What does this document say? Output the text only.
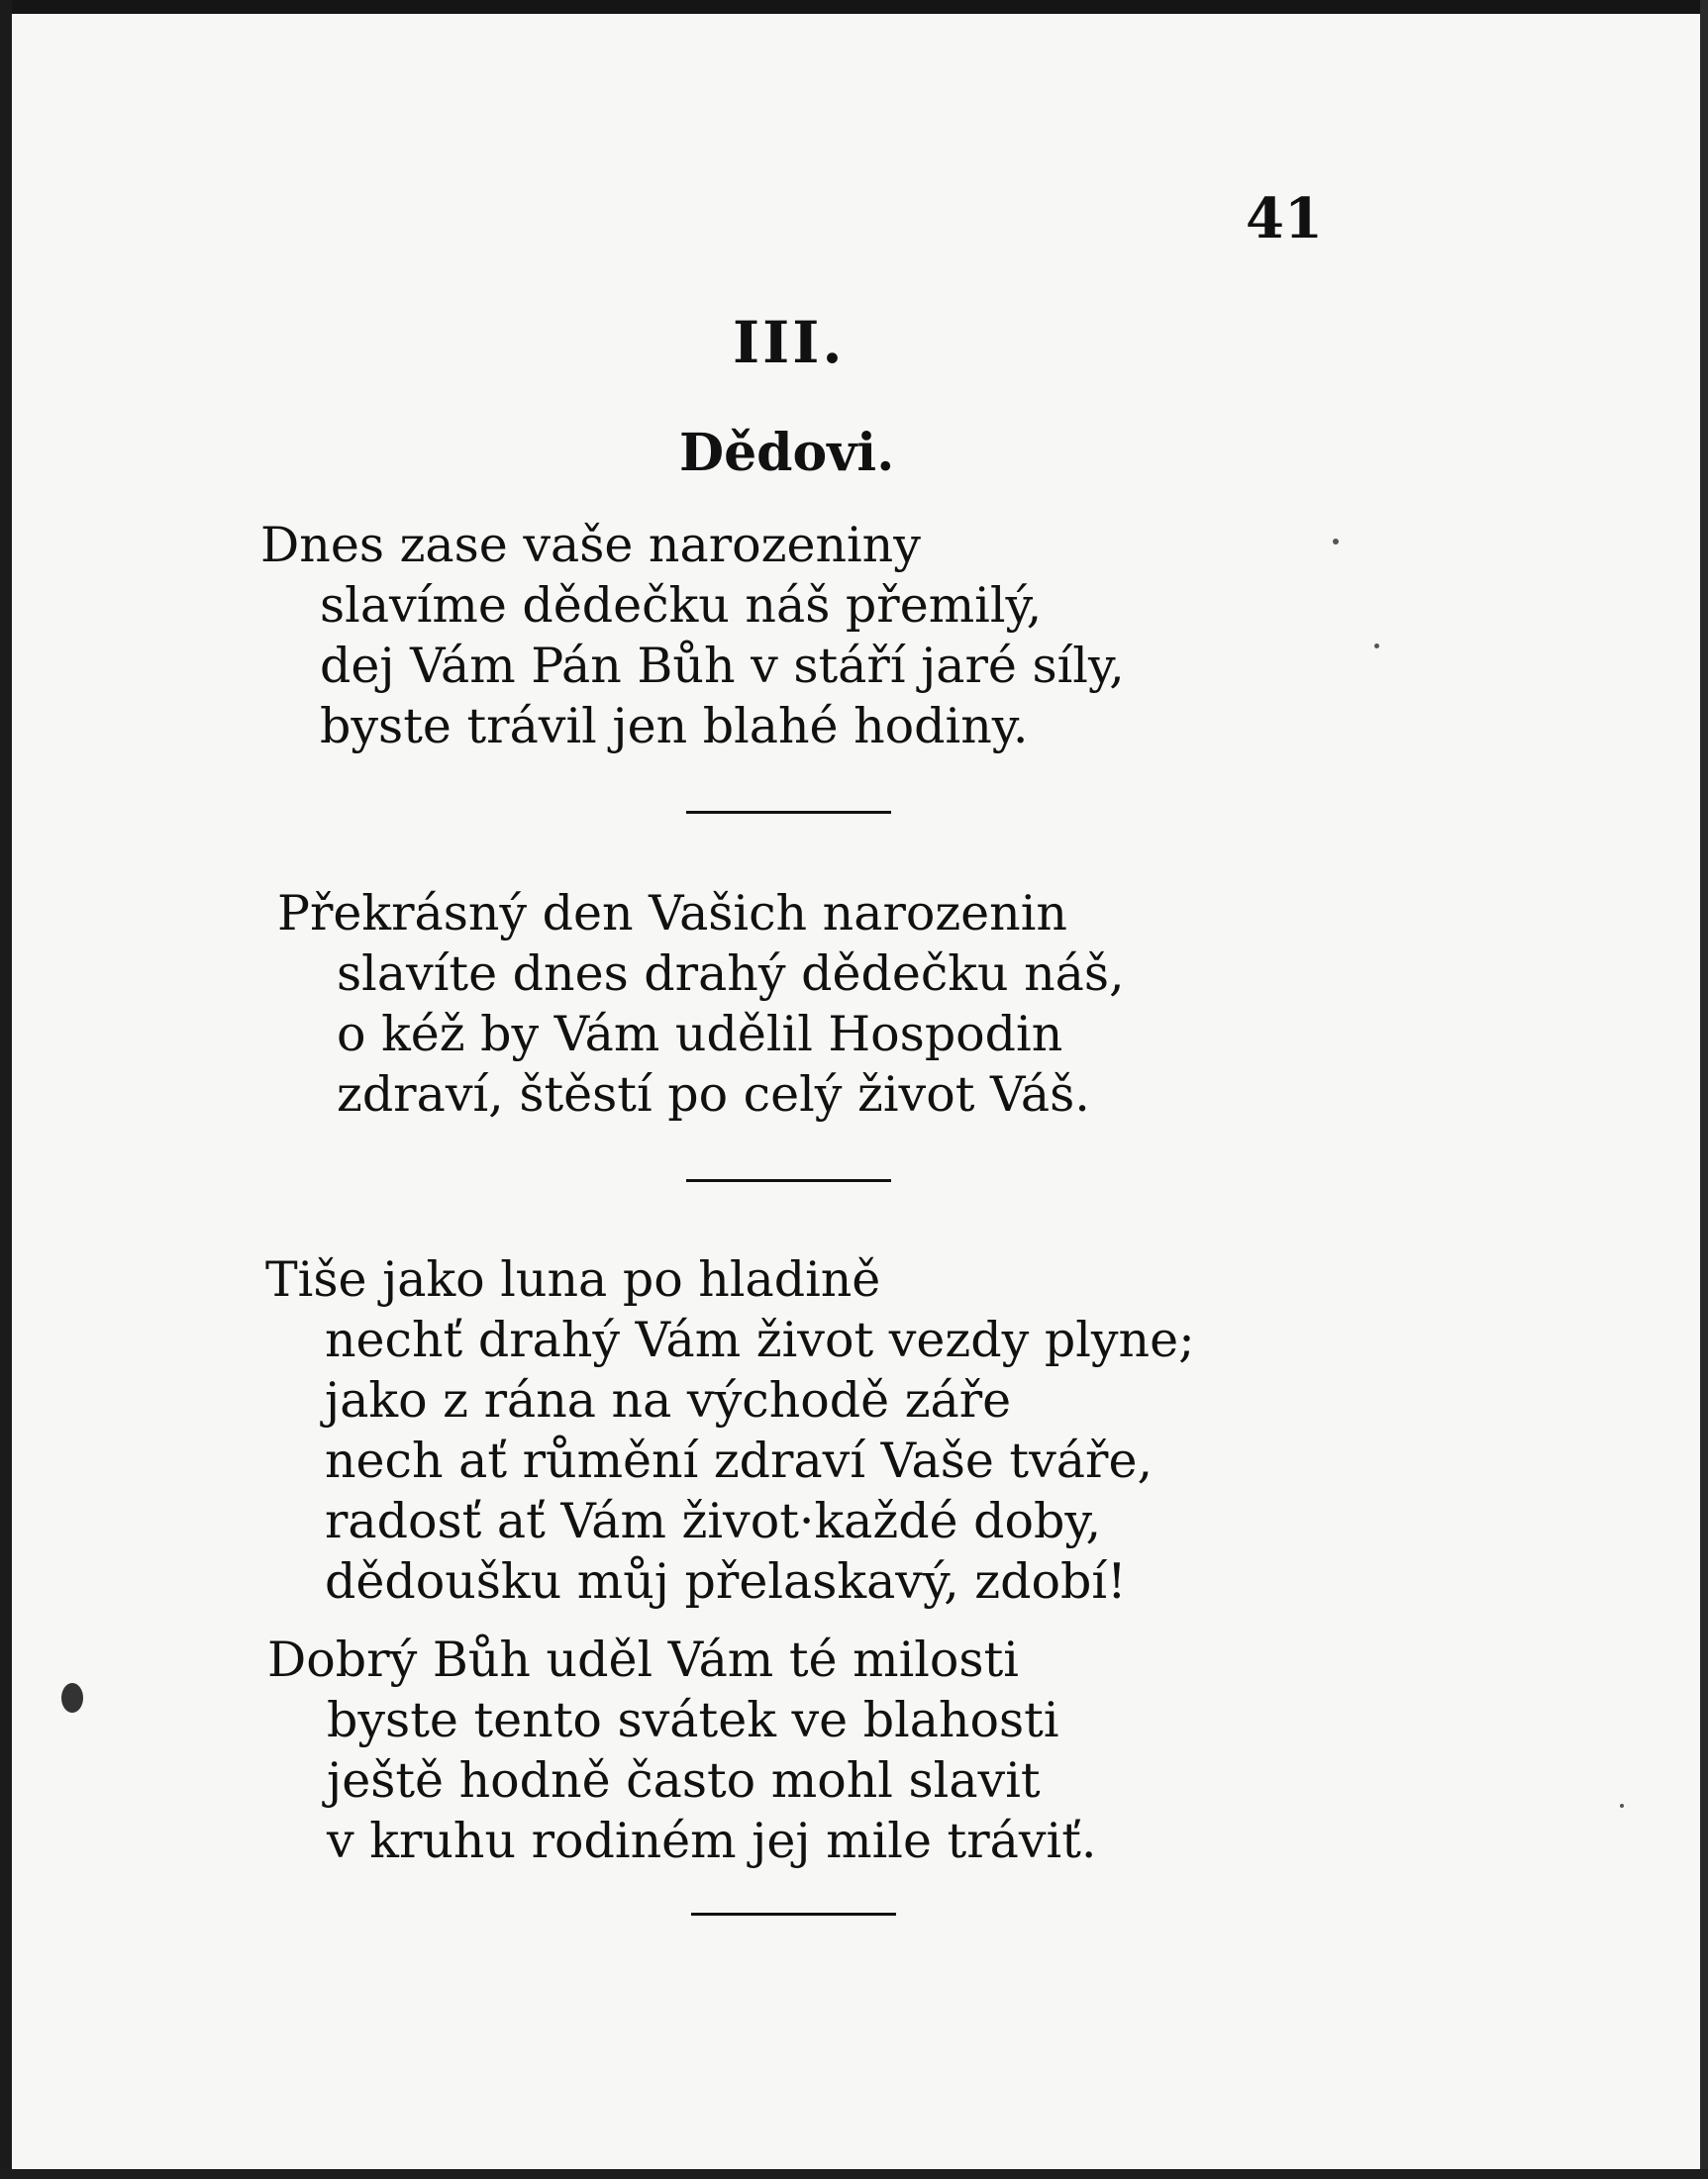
41
III.
Dědovi.
Dnes zase vaše narozeniny
slavíme dědečku náš přemilý,
dej Vám Pán Bůh v stáří jaré síly,
byste trávil jen blahé hodiny.
Překrásný den Vašich narozenin
slavíte dnes drahý dědečku náš,
o kéž by Vám udělil Hospodin
zdraví, štěstí po celý život Váš.
Tiše jako luna po hladině
nechť drahý Vám život vezdy plyne;
jako z rána na východě záře
nech ať růmění zdraví Vaše tváře,
radosť ať Vám život·každé doby,
dědoušku můj přelaskavý, zdobí!
Dobrý Bůh uděl Vám té milosti
byste tento svátek ve blahosti
ještě hodně často mohl slavit
v kruhu rodiném jej mile tráviť.
